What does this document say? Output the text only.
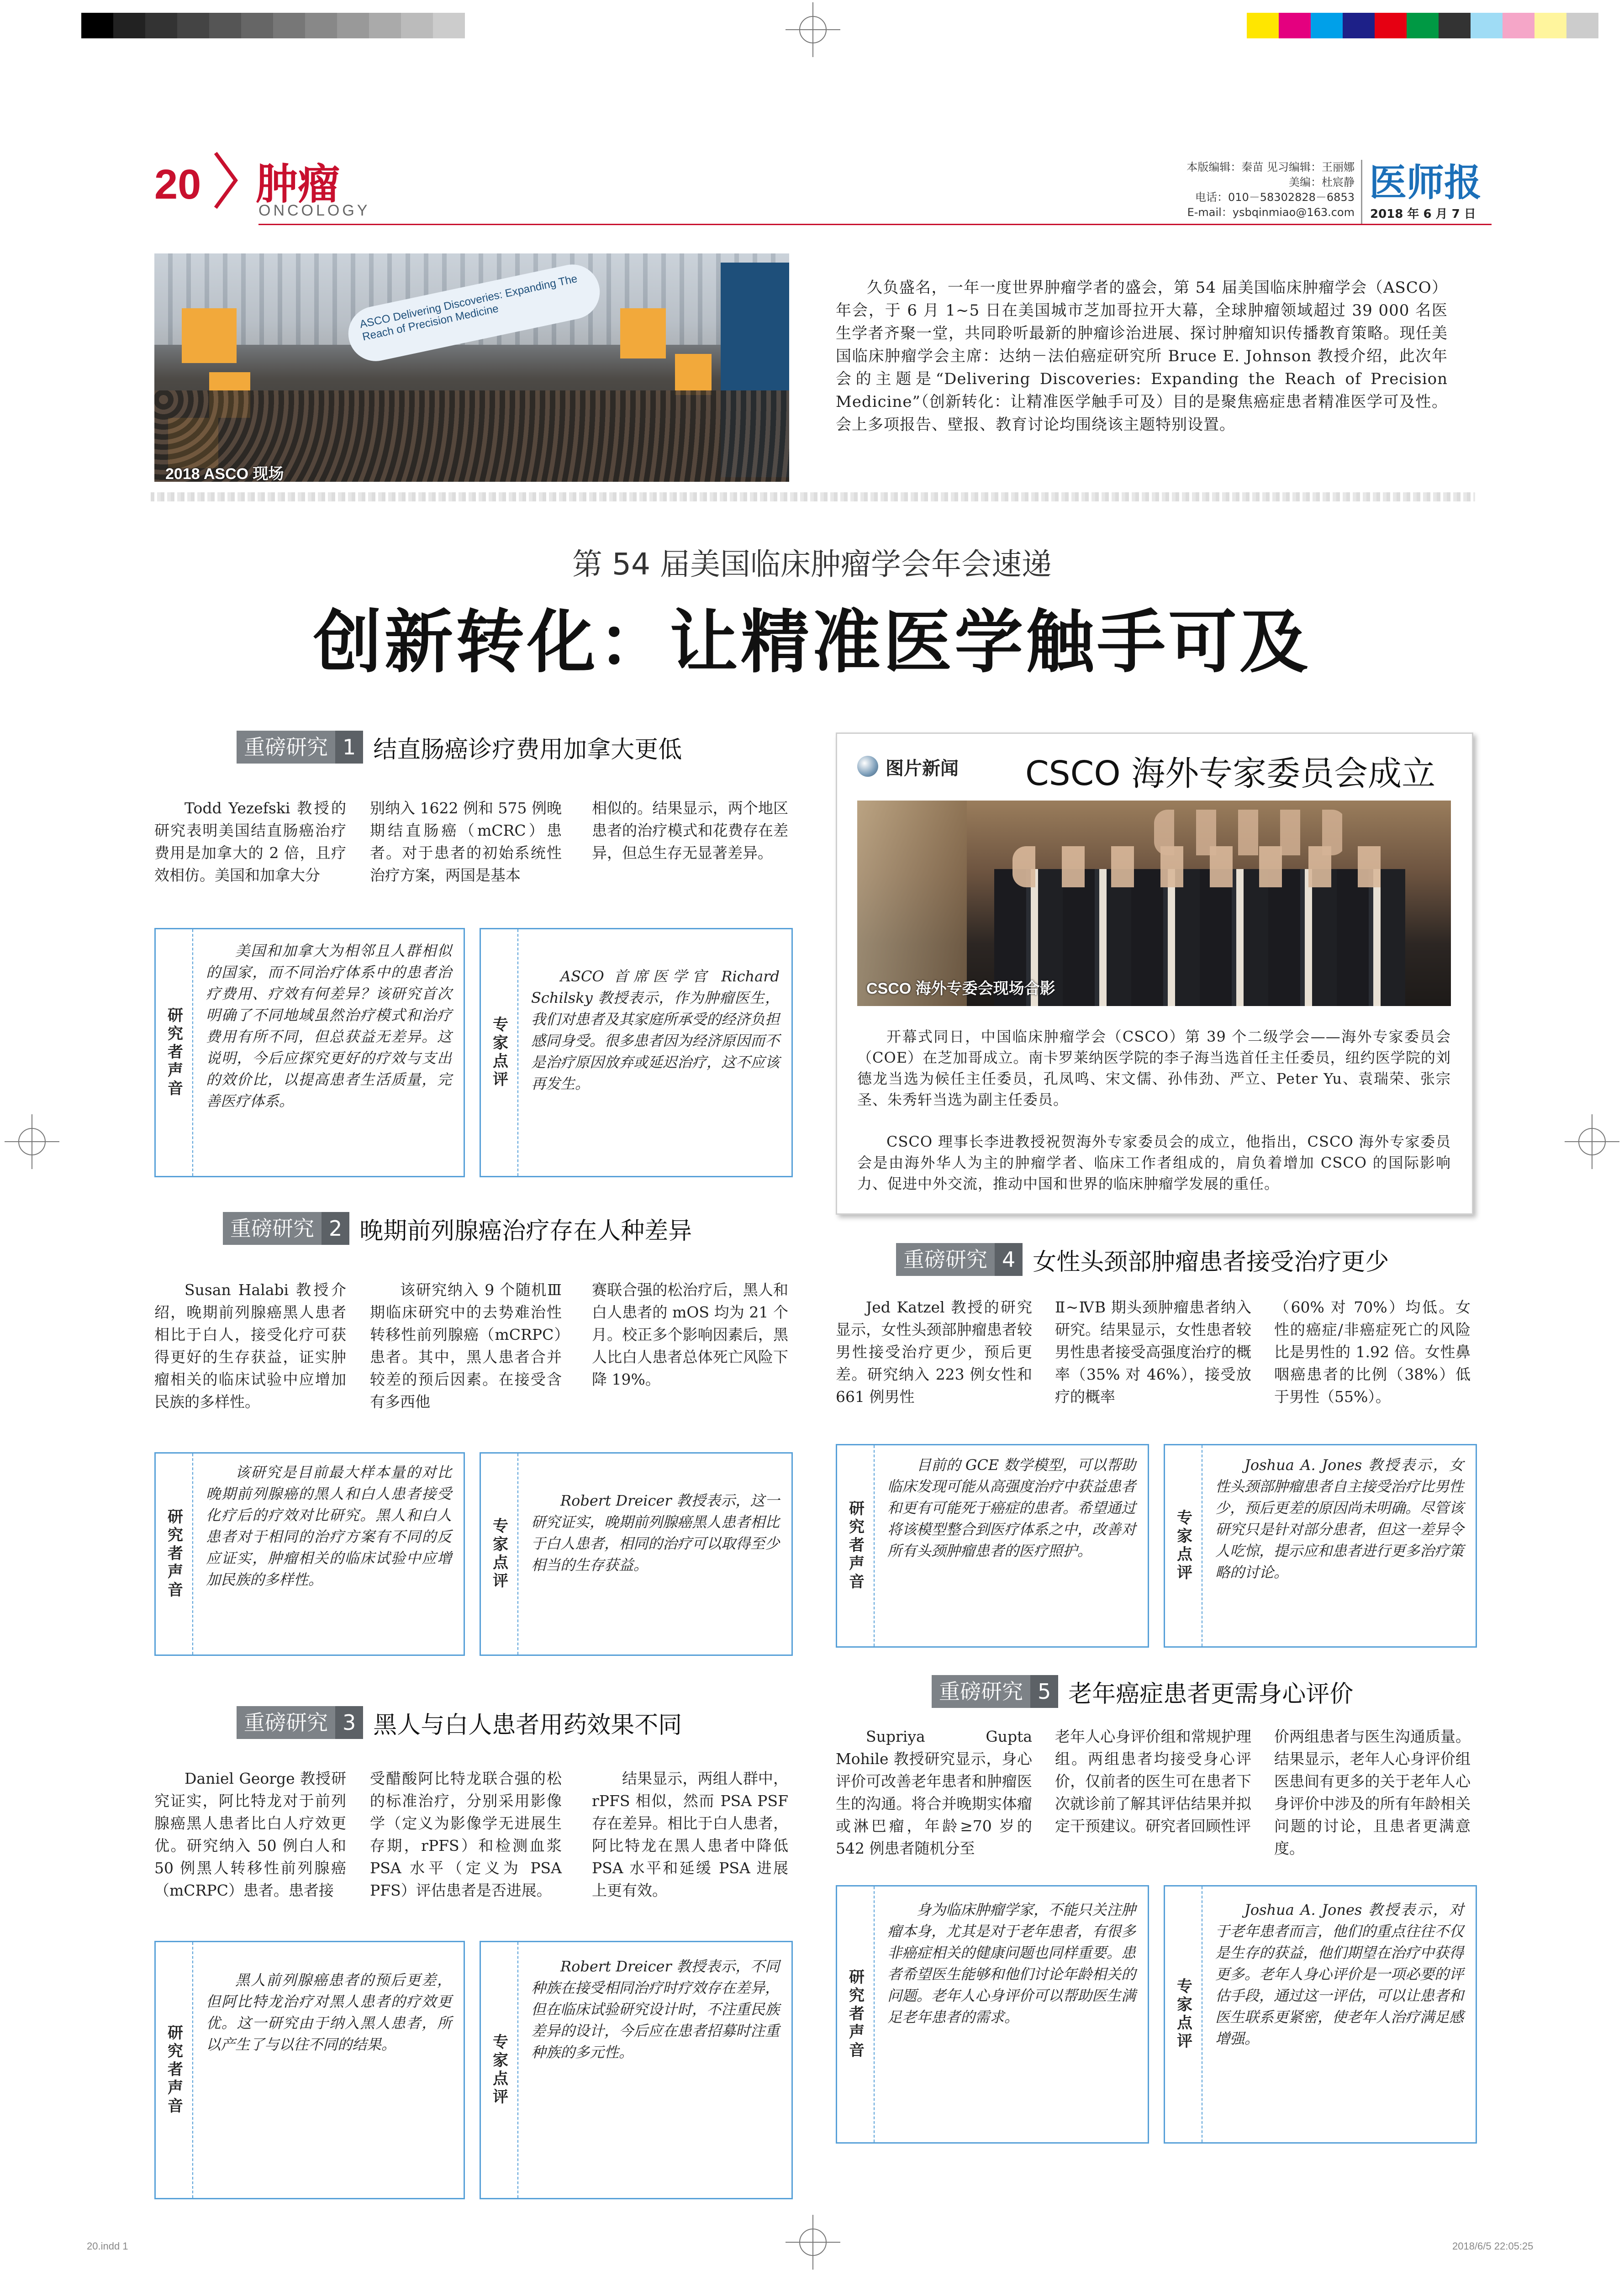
20 肿瘤
ONCOLOGY
本版编辑：秦苗 见习编辑：王丽娜
美编：杜宸静
电话：010－58302828－6853
E-mail：ysbqinmiao@163.com
医师报
2018 年 6 月 7 日
ASCO Delivering Discoveries: Expanding The Reach of Precision Medicine
2018 ASCO 现场
久负盛名，一年一度世界肿瘤学者的盛会，第 54 届美国临床肿瘤学会（ASCO）年会，于 6 月 1~5 日在美国城市芝加哥拉开大幕，全球肿瘤领域超过 39 000 名医生学者齐聚一堂，共同聆听最新的肿瘤诊治进展、探讨肿瘤知识传播教育策略。现任美国临床肿瘤学会主席：达纳－法伯癌症研究所 Bruce E. Johnson 教授介绍，此次年会的主题是“Delivering Discoveries: Expanding the Reach of Precision Medicine”（创新转化：让精准医学触手可及）目的是聚焦癌症患者精准医学可及性。会上多项报告、壁报、教育讨论均围绕该主题特别设置。
第 54 届美国临床肿瘤学会年会速递
创新转化：让精准医学触手可及
重磅研究 1 结直肠癌诊疗费用加拿大更低
Todd Yezefski 教授的研究表明美国结直肠癌治疗费用是加拿大的 2 倍，且疗效相仿。美国和加拿大分
别纳入 1622 例和 575 例晚期结直肠癌（mCRC）患者。对于患者的初始系统性治疗方案，两国是基本
相似的。结果显示，两个地区患者的治疗模式和花费存在差异，但总生存无显著差异。
研究者声音
美国和加拿大为相邻且人群相似的国家，而不同治疗体系中的患者治疗费用、疗效有何差异？该研究首次明确了不同地域虽然治疗模式和治疗费用有所不同，但总获益无差异。这说明，今后应探究更好的疗效与支出的效价比，以提高患者生活质量，完善医疗体系。
专家点评
ASCO 首席医学官 Richard Schilsky 教授表示，作为肿瘤医生，我们对患者及其家庭所承受的经济负担感同身受。很多患者因为经济原因而不是治疗原因放弃或延迟治疗，这不应该再发生。
重磅研究 2 晚期前列腺癌治疗存在人种差异
Susan Halabi 教授介绍，晚期前列腺癌黑人患者相比于白人，接受化疗可获得更好的生存获益，证实肿瘤相关的临床试验中应增加民族的多样性。
该研究纳入 9 个随机Ⅲ期临床研究中的去势难治性转移性前列腺癌（mCRPC）患者。其中，黑人患者合并较差的预后因素。在接受含有多西他
赛联合强的松治疗后，黑人和白人患者的 mOS 均为 21 个月。校正多个影响因素后，黑人比白人患者总体死亡风险下降 19%。
研究者声音
该研究是目前最大样本量的对比晚期前列腺癌的黑人和白人患者接受化疗后的疗效对比研究。黑人和白人患者对于相同的治疗方案有不同的反应证实，肿瘤相关的临床试验中应增加民族的多样性。	专家点评
Robert Dreicer 教授表示，这一研究证实，晚期前列腺癌黑人患者相比于白人患者，相同的治疗可以取得至少相当的生存获益。
重磅研究 3 黑人与白人患者用药效果不同
Daniel George 教授研究证实，阿比特龙对于前列腺癌黑人患者比白人疗效更优。研究纳入 50 例白人和 50 例黑人转移性前列腺癌（mCRPC）患者。患者接
受醋酸阿比特龙联合强的松的标准治疗，分别采用影像学（定义为影像学无进展生存期，rPFS）和检测血浆 PSA 水平（定义为 PSA PFS）评估患者是否进展。
结果显示，两组人群中，rPFS 相似，然而 PSA PSF 存在差异。相比于白人患者，阿比特龙在黑人患者中降低 PSA 水平和延缓 PSA 进展上更有效。
研究者声音
黑人前列腺癌患者的预后更差，但阿比特龙治疗对黑人患者的疗效更优。这一研究由于纳入黑人患者，所以产生了与以往不同的结果。	专家点评
Robert Dreicer 教授表示，不同种族在接受相同治疗时疗效存在差异，但在临床试验研究设计时，不注重民族差异的设计，今后应在患者招募时注重种族的多元性。
图片新闻 CSCO 海外专家委员会成立
CSCO 海外专委会现场合影
开幕式同日，中国临床肿瘤学会（CSCO）第 39 个二级学会——海外专家委员会（COE）在芝加哥成立。南卡罗莱纳医学院的李子海当选首任主任委员，纽约医学院的刘德龙当选为候任主任委员，孔凤鸣、宋文儒、孙伟劲、严立、Peter Yu、袁瑞荣、张宗圣、朱秀轩当选为副主任委员。
CSCO 理事长李进教授祝贺海外专家委员会的成立，他指出，CSCO 海外专家委员会是由海外华人为主的肿瘤学者、临床工作者组成的，肩负着增加 CSCO 的国际影响力、促进中外交流，推动中国和世界的临床肿瘤学发展的重任。
重磅研究 4 女性头颈部肿瘤患者接受治疗更少
Jed Katzel 教授的研究显示，女性头颈部肿瘤患者较男性接受治疗更少，预后更差。研究纳入 223 例女性和 661 例男性
Ⅱ~ⅣB 期头颈肿瘤患者纳入研究。结果显示，女性患者较男性患者接受高强度治疗的概率（35% 对 46%），接受放疗的概率
（60% 对 70%）均低。女性的癌症/非癌症死亡的风险比是男性的 1.92 倍。女性鼻咽癌患者的比例（38%）低于男性（55%）。
研究者声音
目前的 GCE 数学模型，可以帮助临床发现可能从高强度治疗中获益患者和更有可能死于癌症的患者。希望通过将该模型整合到医疗体系之中，改善对所有头颈肿瘤患者的医疗照护。	专家点评
Joshua A. Jones 教授表示，女性头颈部肿瘤患者自主接受治疗比男性少，预后更差的原因尚未明确。尽管该研究只是针对部分患者，但这一差异令人吃惊，提示应和患者进行更多治疗策略的讨论。
重磅研究 5 老年癌症患者更需身心评价
Supriya Gupta Mohile 教授研究显示，身心评价可改善老年患者和肿瘤医生的沟通。将合并晚期实体瘤或淋巴瘤，年龄≥70 岁的 542 例患者随机分至
老年人心身评价组和常规护理组。两组患者均接受身心评价，仅前者的医生可在患者下次就诊前了解其评估结果并拟定干预建议。研究者回顾性评
价两组患者与医生沟通质量。结果显示，老年人心身评价组医患间有更多的关于老年人心身评价中涉及的所有年龄相关问题的讨论，且患者更满意度。
研究者声音
身为临床肿瘤学家，不能只关注肿瘤本身，尤其是对于老年患者，有很多非癌症相关的健康问题也同样重要。患者希望医生能够和他们讨论年龄相关的问题。老年人心身评价可以帮助医生满足老年患者的需求。	专家点评
Joshua A. Jones 教授表示，对于老年患者而言，他们的重点往往不仅是生存的获益，他们期望在治疗中获得更多。老年人身心评价是一项必要的评估手段，通过这一评估，可以让患者和医生联系更紧密，使老年人治疗满足感增强。
20.indd 1	2018/6/5 22:05:25
